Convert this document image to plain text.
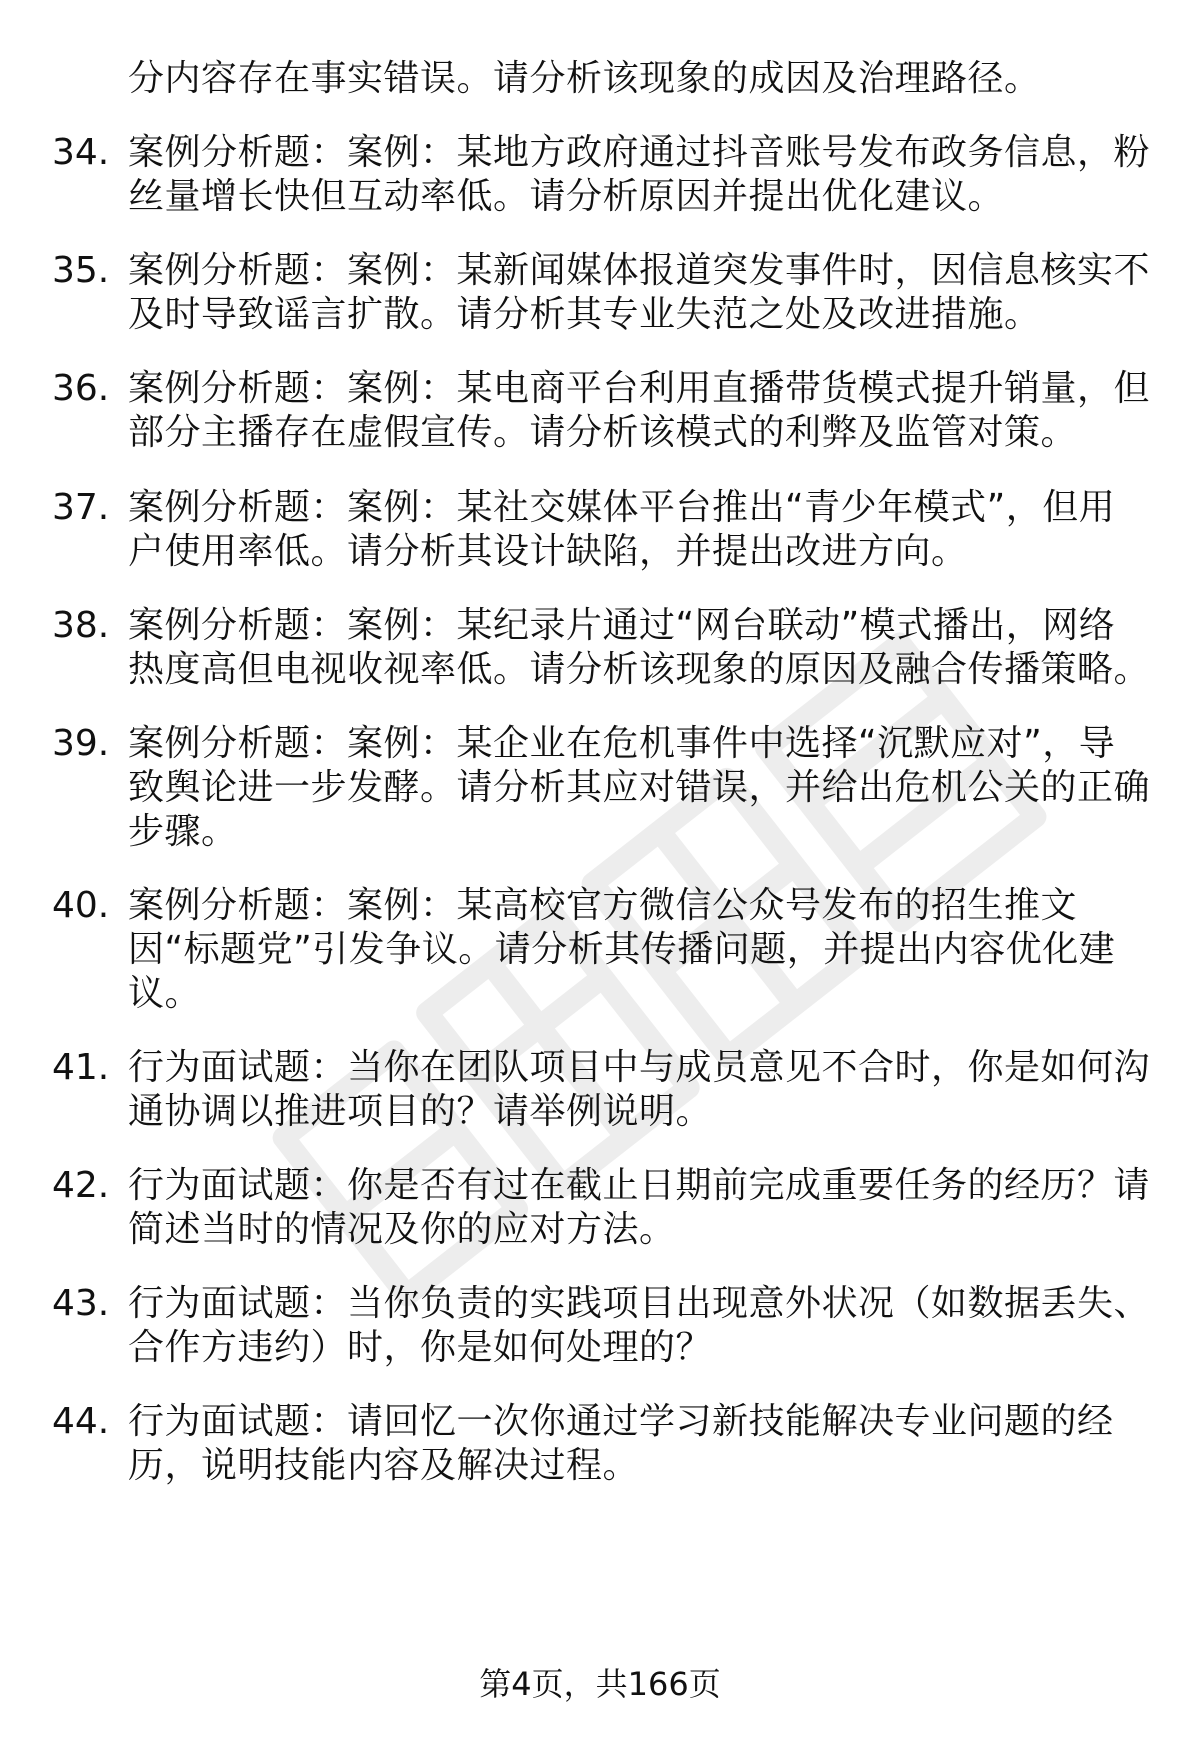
分内容存在事实错误。请分析该现象的成因及治理路径。
34. 案例分析题：案例：某地方政府通过抖音账号发布政务信息，粉
丝量增长快但互动率低。请分析原因并提出优化建议。
35. 案例分析题：案例：某新闻媒体报道突发事件时，因信息核实不
及时导致谣言扩散。请分析其专业失范之处及改进措施。
36. 案例分析题：案例：某电商平台利用直播带货模式提升销量，但
部分主播存在虚假宣传。请分析该模式的利弊及监管对策。
37. 案例分析题：案例：某社交媒体平台推出“青少年模式”，但用
户使用率低。请分析其设计缺陷，并提出改进方向。
38. 案例分析题：案例：某纪录片通过“网台联动”模式播出，网络
热度高但电视收视率低。请分析该现象的原因及融合传播策略。
39. 案例分析题：案例：某企业在危机事件中选择“沉默应对”，导
致舆论进一步发酵。请分析其应对错误，并给出危机公关的正确
步骤。
40. 案例分析题：案例：某高校官方微信公众号发布的招生推文
因“标题党”引发争议。请分析其传播问题，并提出内容优化建
议。
41. 行为面试题：当你在团队项目中与成员意见不合时，你是如何沟
通协调以推进项目的？请举例说明。
42. 行为面试题：你是否有过在截止日期前完成重要任务的经历？请
简述当时的情况及你的应对方法。
43. 行为面试题：当你负责的实践项目出现意外状况（如数据丢失、
合作方违约）时，你是如何处理的？
44. 行为面试题：请回忆一次你通过学习新技能解决专业问题的经
历，说明技能内容及解决过程。
第4页，共166页
